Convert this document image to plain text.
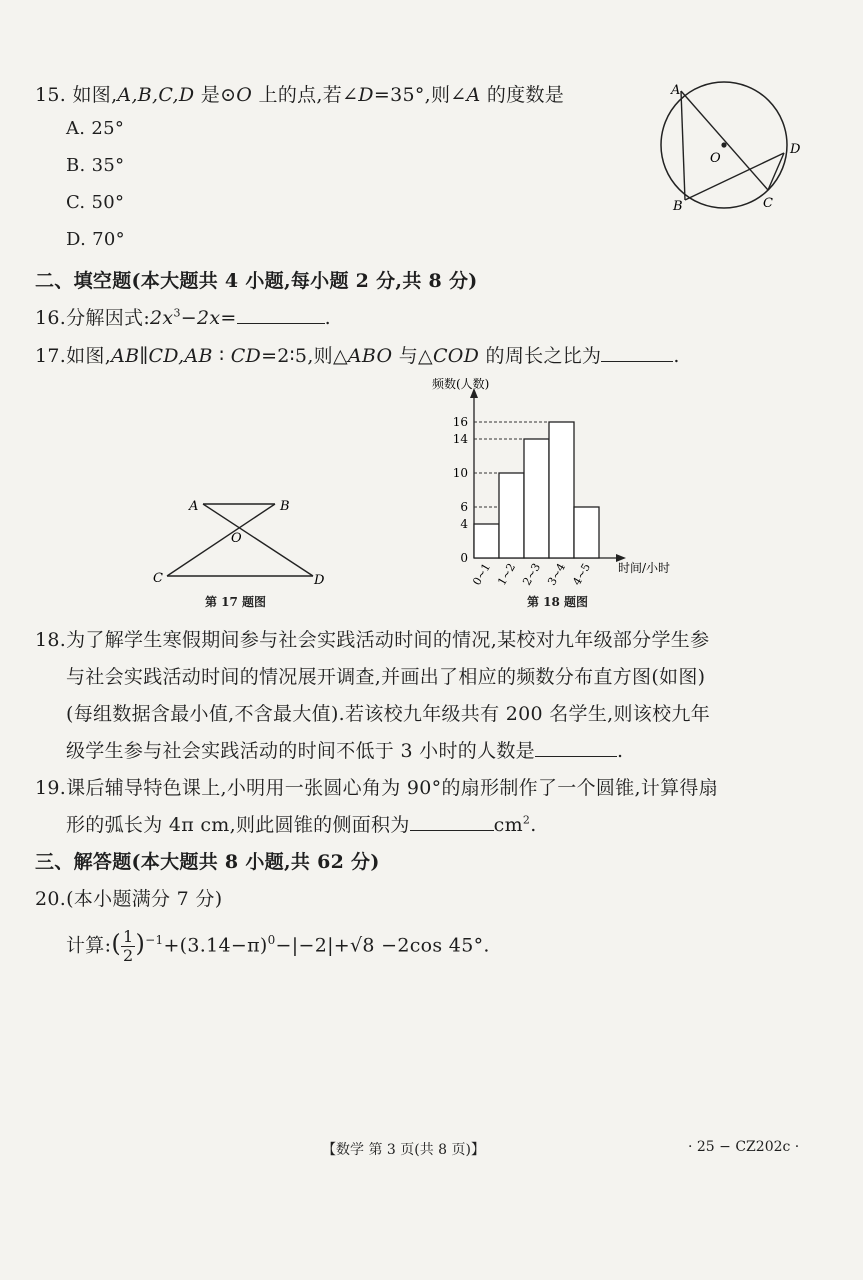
15. 如图,A,B,C,D 是⊙O 上的点,若∠D=35°,则∠A 的度数是
A. 25°
B. 35°
C. 50°
D. 70°
A
B	C
D
O
二、填空题(本大题共 4 小题,每小题 2 分,共 8 分)
16.分解因式$:2x^3-2x=$	.
17.如图,AB∥CD,AB ∶ CD=2∶5,则△ABO 与△COD 的周长之比为	.
A	B
C	D
O
第 17 题图
频数(人数)
时间/小时
0
4
6
10
14
16
0~1 1~2 2~3 3~4 4~5
第 18 题图
18.为了解学生寒假期间参与社会实践活动时间的情况,某校对九年级部分学生参
与社会实践活动时间的情况展开调查,并画出了相应的频数分布直方图(如图)
(每组数据含最小值,不含最大值).若该校九年级共有 200 名学生,则该校九年
级学生参与社会实践活动的时间不低于 3 小时的人数是	.
19.课后辅导特色课上,小明用一张圆心角为 90°的扇形制作了一个圆锥,计算得扇
形的弧长为 4π cm,则此圆锥的侧面积为	$cm^2$.
三、解答题(本大题共 8 小题,共 62 分)
20.(本小题满分 7 分)
计算:( $\frac{1}{2} )^{-1}+(3.14-\pi)^0-|-2|+√8 -2\cos$ 45°.
【数学 第 3 页(共 8 页)】	· 25 − CZ202c ·
